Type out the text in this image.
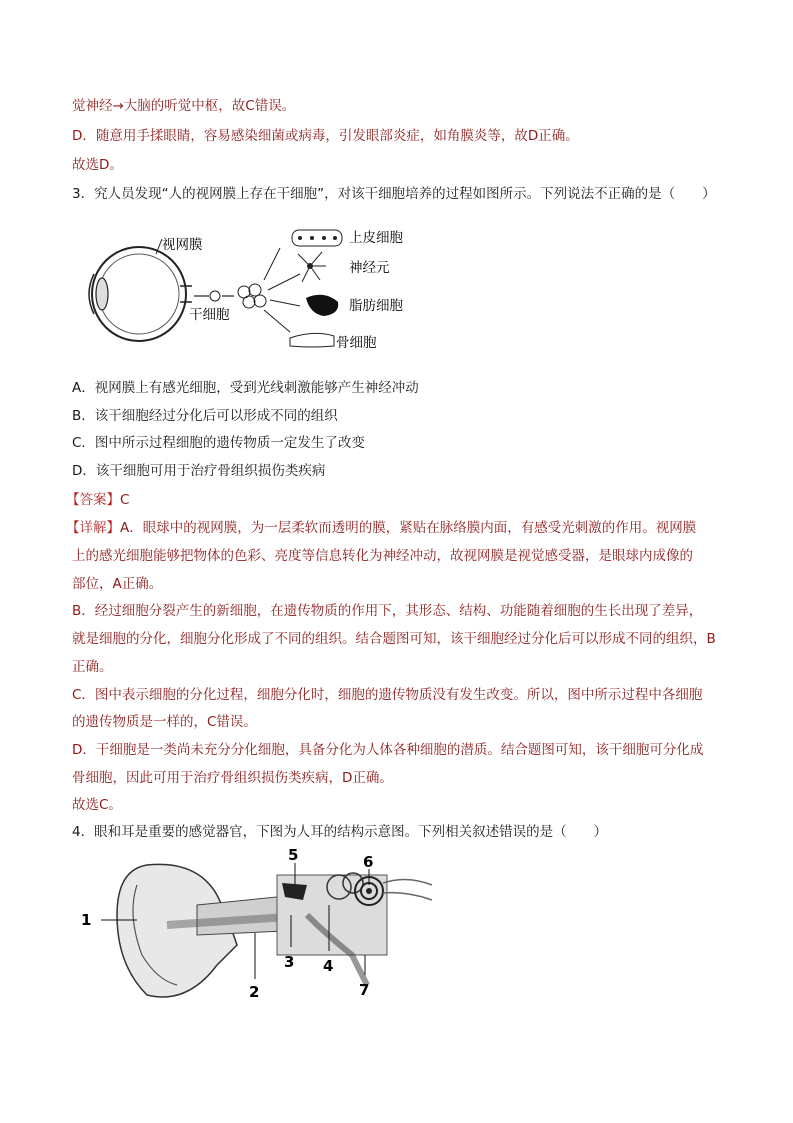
觉神经→大脑的听觉中枢，故C错误。
D．随意用手揉眼睛，容易感染细菌或病毒，引发眼部炎症，如角膜炎等，故D正确。
故选D。
3．究人员发现“人的视网膜上存在干细胞”，对该干细胞培养的过程如图所示。下列说法不正确的是（　　）
视网膜
干细胞
上皮细胞
神经元
脂肪细胞
骨细胞
A．视网膜上有感光细胞，受到光线刺激能够产生神经冲动
B．该干细胞经过分化后可以形成不同的组织
C．图中所示过程细胞的遗传物质一定发生了改变
D．该干细胞可用于治疗骨组织损伤类疾病
【答案】C
【详解】A．眼球中的视网膜，为一层柔软而透明的膜，紧贴在脉络膜内面，有感受光刺激的作用。视网膜
上的感光细胞能够把物体的色彩、亮度等信息转化为神经冲动，故视网膜是视觉感受器，是眼球内成像的
部位，A正确。
B．经过细胞分裂产生的新细胞，在遗传物质的作用下，其形态、结构、功能随着细胞的生长出现了差异，
就是细胞的分化，细胞分化形成了不同的组织。结合题图可知，该干细胞经过分化后可以形成不同的组织，B
正确。
C．图中表示细胞的分化过程，细胞分化时，细胞的遗传物质没有发生改变。所以，图中所示过程中各细胞
的遗传物质是一样的，C错误。
D．干细胞是一类尚未充分分化细胞，具备分化为人体各种细胞的潜质。结合题图可知，该干细胞可分化成
骨细胞，因此可用于治疗骨组织损伤类疾病，D正确。
故选C。
4．眼和耳是重要的感觉器官，下图为人耳的结构示意图。下列相关叙述错误的是（　　）
1
2
3 4
5	6
7
